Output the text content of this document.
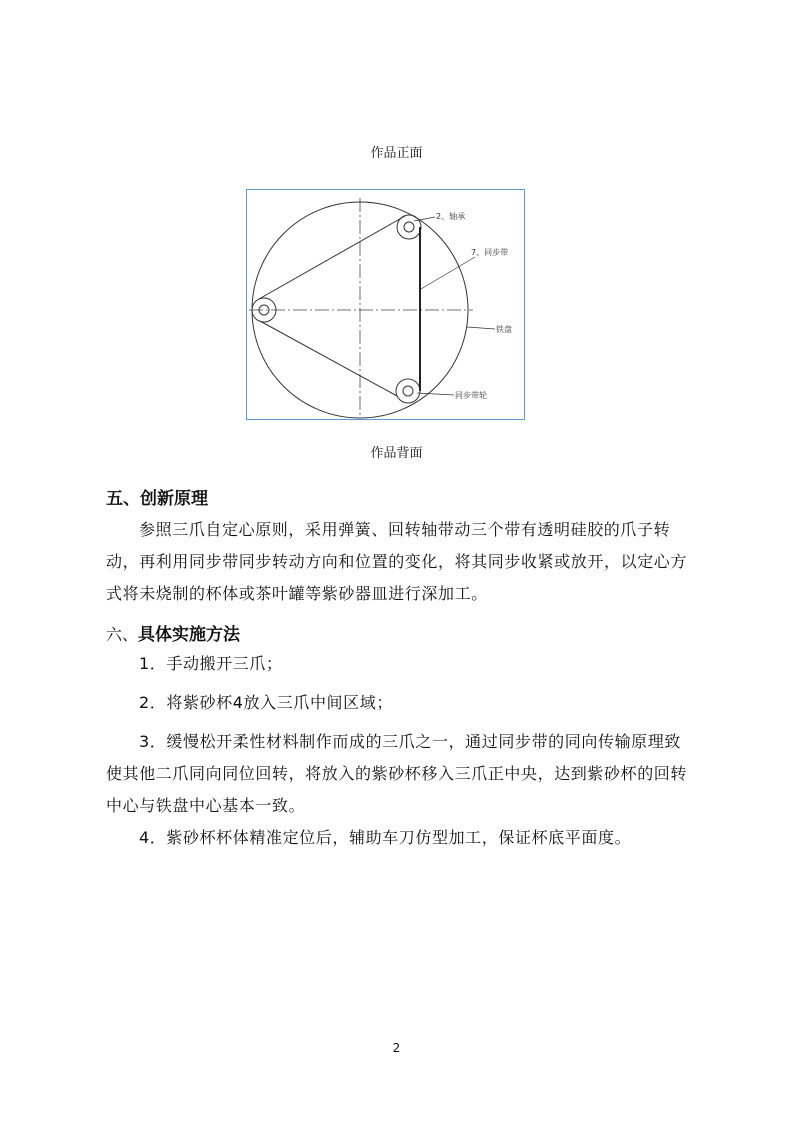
作品正面
2、轴承
7、同步带
铁盘
同步带轮
作品背面
五、创新原理
参照三爪自定心原则，采用弹簧、回转轴带动三个带有透明硅胶的爪子转动，再利用同步带同步转动方向和位置的变化，将其同步收紧或放开，以定心方式将未烧制的杯体或茶叶罐等紫砂器皿进行深加工。
六、具体实施方法
1．手动搬开三爪；
2．将紫砂杯4放入三爪中间区域；
3．缓慢松开柔性材料制作而成的三爪之一，通过同步带的同向传输原理致使其他二爪同向同位回转，将放入的紫砂杯移入三爪正中央，达到紫砂杯的回转中心与铁盘中心基本一致。
4．紫砂杯杯体精准定位后，辅助车刀仿型加工，保证杯底平面度。
2
